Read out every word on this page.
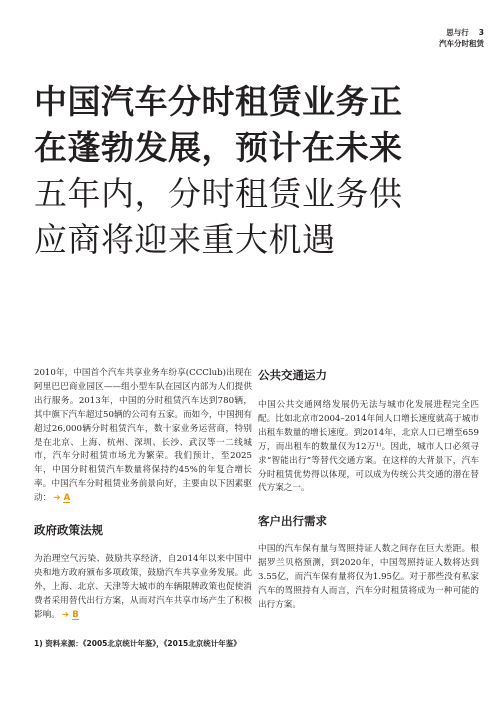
思与行 3
汽车分时租赁
中国汽车分时租赁业务正
在蓬勃发展，预计在未来
五年内，分时租赁业务供
应商将迎来重大机遇

2010年，中国首个汽车共享业务车纷享(CCClub)出现在阿里巴巴商业园区——组小型车队在园区内部为人们提供出行服务。2013年，中国的分时租赁汽车达到780辆，其中旗下汽车超过50辆的公司有五家。而如今，中国拥有超过26,000辆分时租赁汽车，数十家业务运营商，特别是在北京、上海、杭州、深圳、长沙、武汉等一二线城市，汽车分时租赁市场尤为繁荣。我们预计，至2025年，中国分时租赁汽车数量将保持约45%的年复合增长率。中国汽车分时租赁业务前景向好，主要由以下因素驱动： ➔ A

政府政策法规

为治理空气污染、鼓励共享经济，自2014年以来中国中央和地方政府颁布多项政策，鼓励汽车共享业务发展。此外，上海、北京、天津等大城市的车辆限牌政策也促使消费者采用替代出行方案，从而对汽车共享市场产生了积极影响。 ➔ B

公共交通运力

中国公共交通网络发展仍无法与城市化发展进程完全匹配。比如北京市2004–2014年间人口增长速度就高于城市出租车数量的增长速度。到2014年，北京人口已增至659万，而出租车的数量仅为12万¹⁾。因此，城市人口必须寻求“智能出行”等替代交通方案。在这样的大背景下，汽车分时租赁优势得以体现，可以成为传统公共交通的潜在替代方案之一。

客户出行需求

中国的汽车保有量与驾照持证人数之间存在巨大差距。根据罗兰贝格预测，到2020年，中国驾照持证人数将达到3.55亿，而汽车保有量将仅为1.95亿。对于那些没有私家汽车的驾照持有人而言，汽车分时租赁将成为一种可能的出行方案。

1) 资料来源：《2005北京统计年鉴》，《2015北京统计年鉴》
